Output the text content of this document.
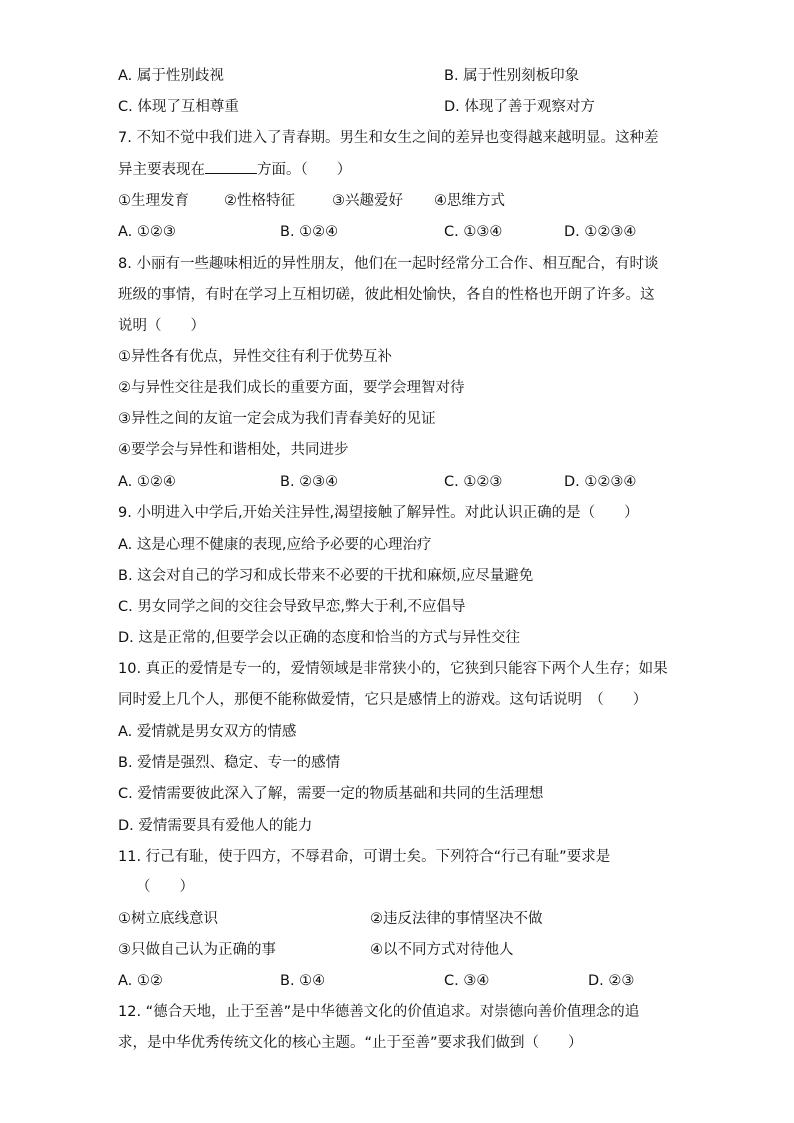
A. 属于性别歧视	B. 属于性别刻板印象
C. 体现了互相尊重	D. 体现了善于观察对方
7. 不知不觉中我们进入了青春期。男生和女生之间的差异也变得越来越明显。这种差
异主要表现在	方面。（　　）
①生理发育 ②性格特征	③兴趣爱好 ④思维方式
A. ①②③	B. ①②④	C. ①③④	D. ①②③④
8. 小丽有一些趣味相近的异性朋友，他们在一起时经常分工合作、相互配合，有时谈
班级的事情，有时在学习上互相切磋，彼此相处愉快，各自的性格也开朗了许多。这
说明（　　）
①异性各有优点，异性交往有利于优势互补
②与异性交往是我们成长的重要方面，要学会理智对待
③异性之间的友谊一定会成为我们青春美好的见证
④要学会与异性和谐相处，共同进步
A. ①②④	B. ②③④	C. ①②③	D. ①②③④
9. 小明进入中学后,开始关注异性,渴望接触了解异性。对此认识正确的是（　　）
A. 这是心理不健康的表现,应给予必要的心理治疗
B. 这会对自己的学习和成长带来不必要的干扰和麻烦,应尽量避免
C. 男女同学之间的交往会导致早恋,弊大于利,不应倡导
D. 这是正常的,但要学会以正确的态度和恰当的方式与异性交往
10. 真正的爱情是专一的，爱情领域是非常狭小的，它狭到只能容下两个人生存；如果
同时爱上几个人，那便不能称做爱情，它只是感情上的游戏。这句话说明　（　　）
A. 爱情就是男女双方的情感
B. 爱情是强烈、稳定、专一的感情
C. 爱情需要彼此深入了解，需要一定的物质基础和共同的生活理想
D. 爱情需要具有爱他人的能力
11. 行己有耻，使于四方，不辱君命，可谓士矣。下列符合“行己有耻”要求是
（　　）
①树立底线意识	②违反法律的事情坚决不做
③只做自己认为正确的事	④以不同方式对待他人
A. ①②	B. ①④	C. ③④	D. ②③
12. “德合天地，止于至善”是中华德善文化的价值追求。对崇德向善价值理念的追
求，是中华优秀传统文化的核心主题。“止于至善”要求我们做到（　　）
